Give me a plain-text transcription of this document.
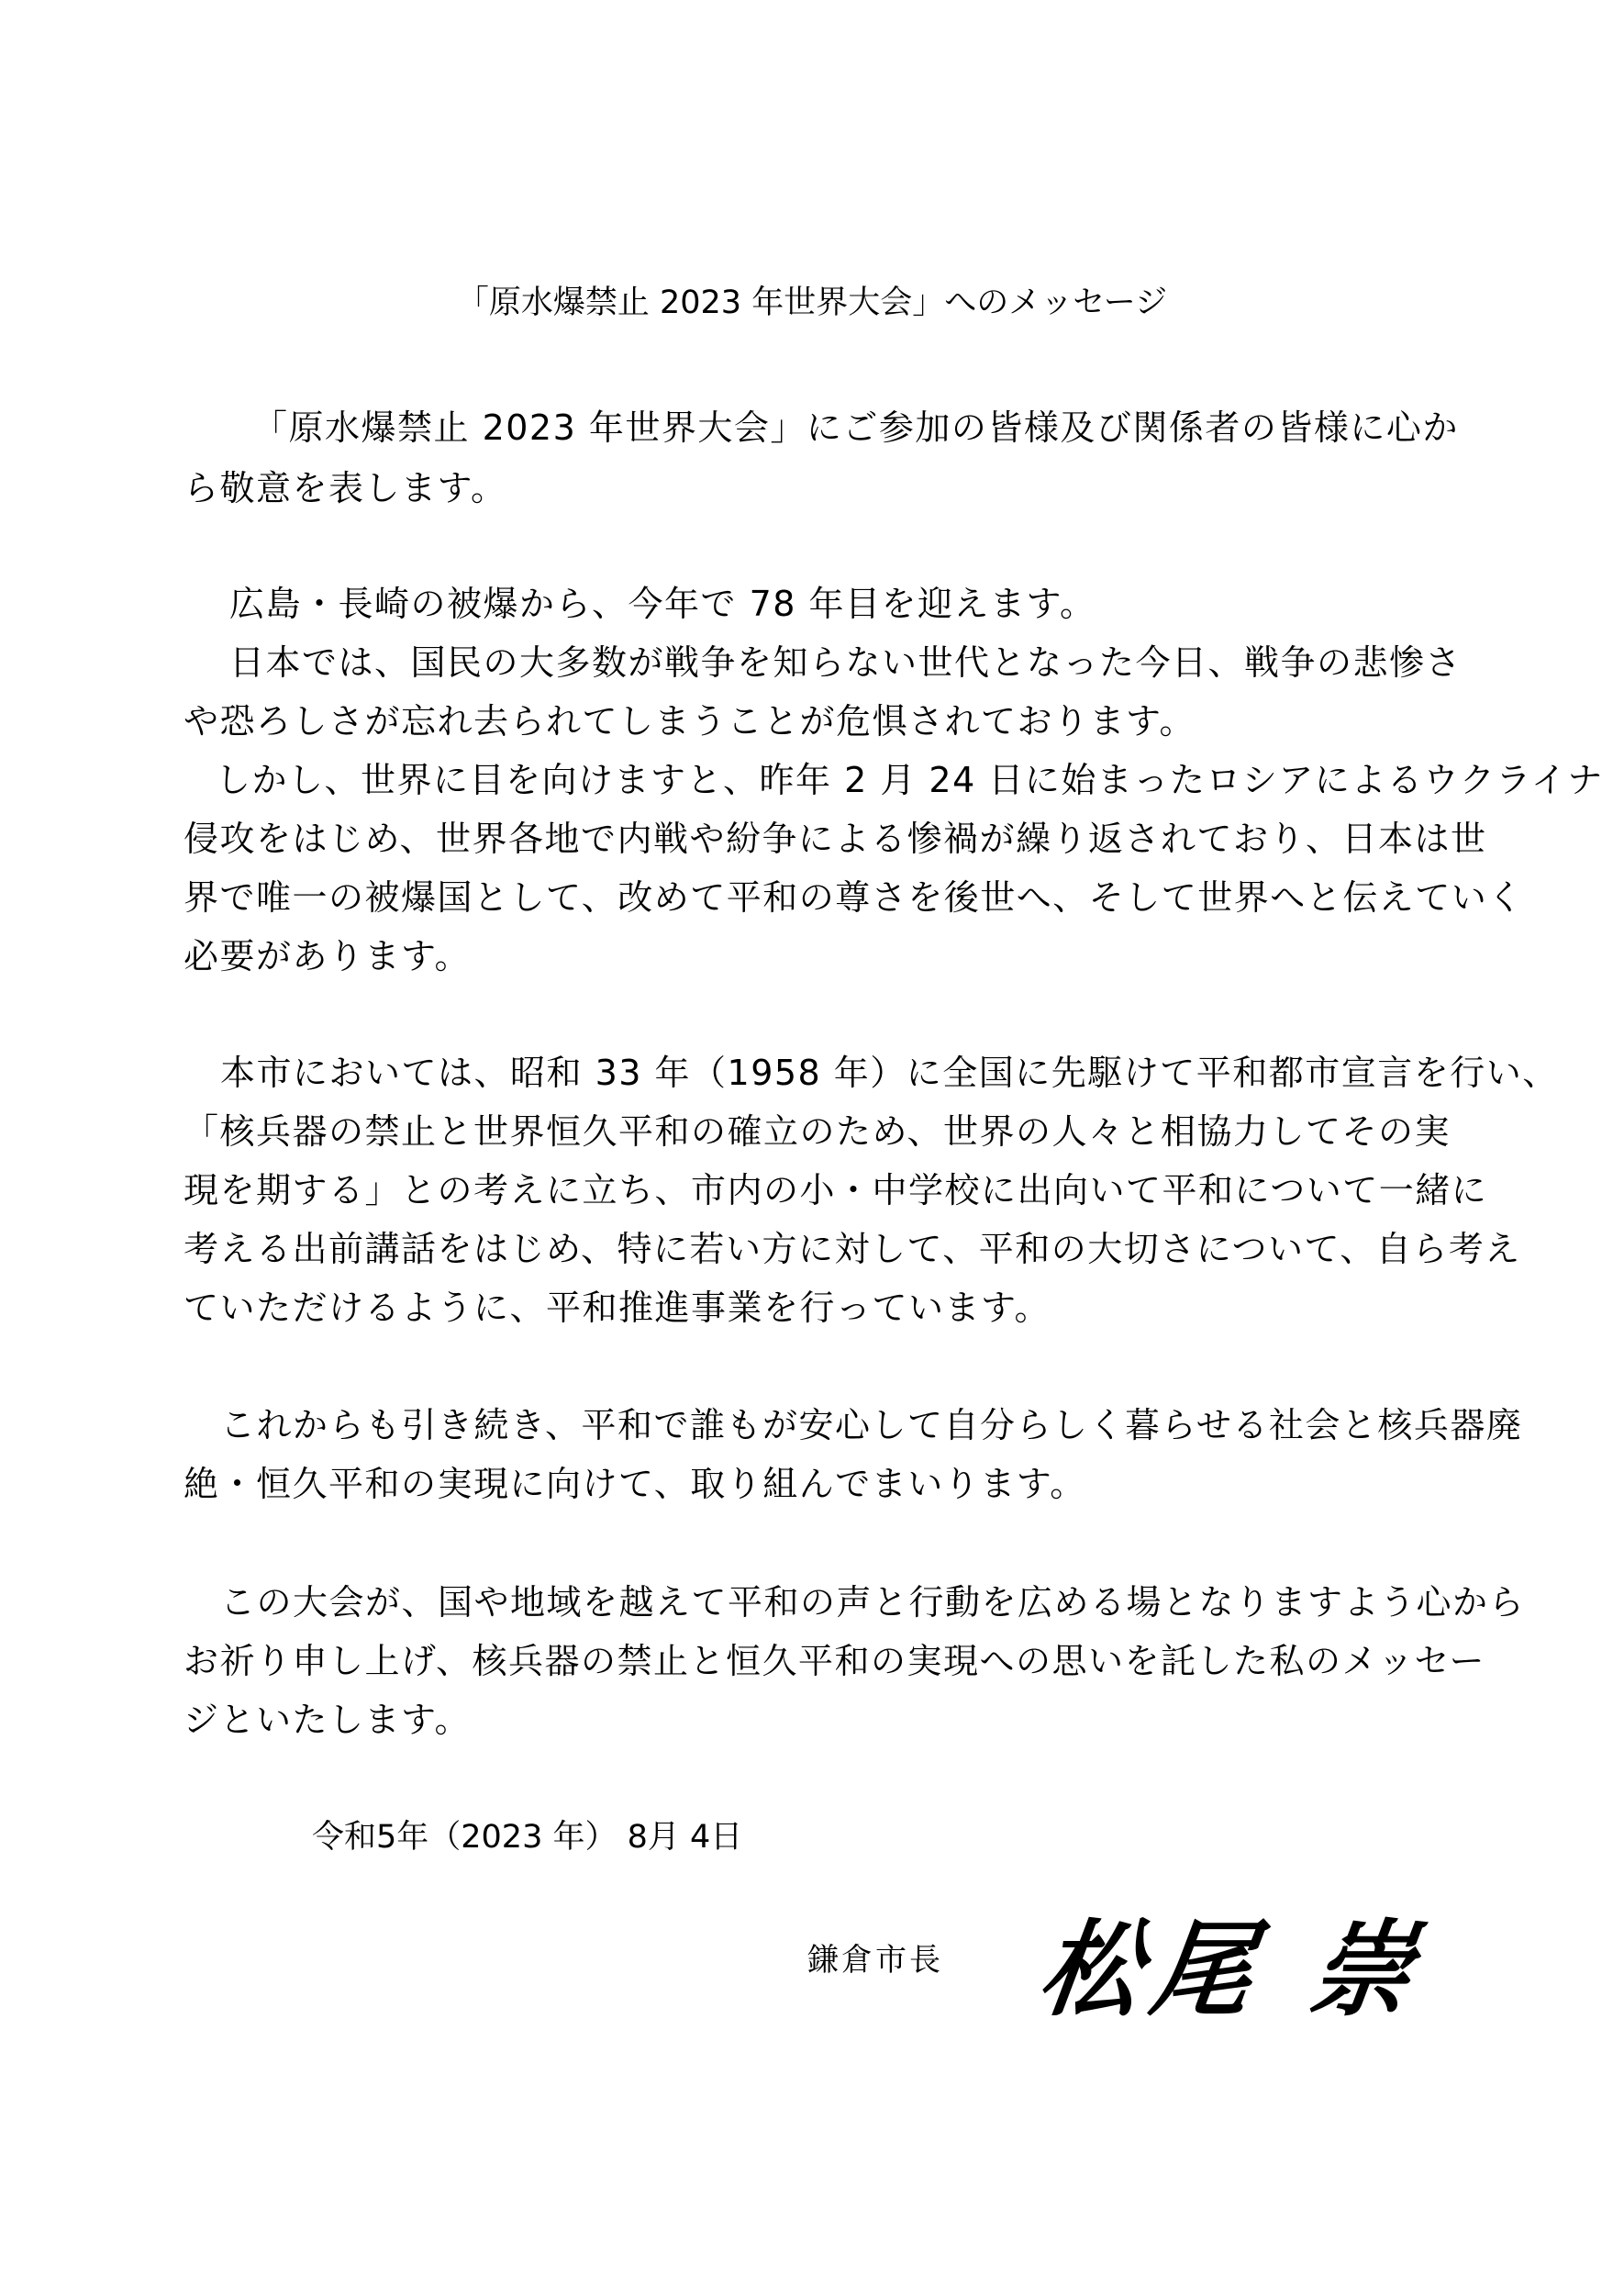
「原水爆禁止 2023 年世界大会」へのメッセージ
「原水爆禁止 2023 年世界大会」にご参加の皆様及び関係者の皆様に心か
ら敬意を表します。
広島・長崎の被爆から、今年で 78 年目を迎えます。
日本では、国民の大多数が戦争を知らない世代となった今日、戦争の悲惨さ
や恐ろしさが忘れ去られてしまうことが危惧されております。
しかし、世界に目を向けますと、昨年 2 月 24 日に始まったロシアによるウクライナ
侵攻をはじめ、世界各地で内戦や紛争による惨禍が繰り返されており、日本は世
界で唯一の被爆国として、改めて平和の尊さを後世へ、そして世界へと伝えていく
必要があります。
本市においては、昭和 33 年（1958 年）に全国に先駆けて平和都市宣言を行い、
「核兵器の禁止と世界恒久平和の確立のため、世界の人々と相協力してその実
現を期する」との考えに立ち、市内の小・中学校に出向いて平和について一緒に
考える出前講話をはじめ、特に若い方に対して、平和の大切さについて、自ら考え
ていただけるように、平和推進事業を行っています。
これからも引き続き、平和で誰もが安心して自分らしく暮らせる社会と核兵器廃
絶・恒久平和の実現に向けて、取り組んでまいります。
この大会が、国や地域を越えて平和の声と行動を広める場となりますよう心から
お祈り申し上げ、核兵器の禁止と恒久平和の実現への思いを託した私のメッセー
ジといたします。
令和5年（2023 年） 8月 4日
鎌倉市長 松尾 崇
